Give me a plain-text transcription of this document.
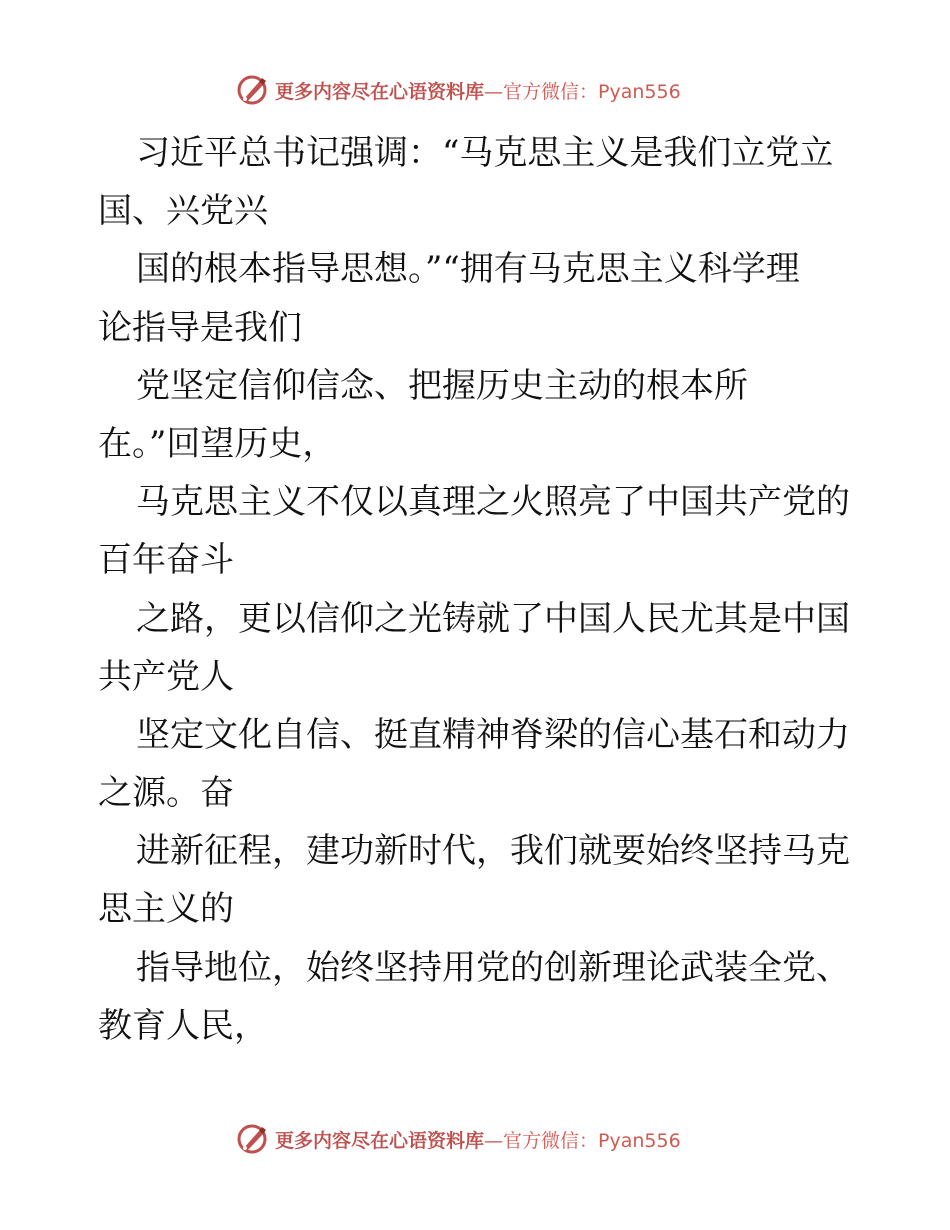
更多内容尽在心语资料库—官方微信：Pyan556
习近平总书记强调：“马克思主义是我们立党立
国、兴党兴
国的根本指导思想。”“拥有马克思主义科学理
论指导是我们
党坚定信仰信念、把握历史主动的根本所
在。”回望历史，
马克思主义不仅以真理之火照亮了中国共产党的
百年奋斗
之路，更以信仰之光铸就了中国人民尤其是中国
共产党人
坚定文化自信、挺直精神脊梁的信心基石和动力
之源。奋
进新征程，建功新时代，我们就要始终坚持马克
思主义的
指导地位，始终坚持用党的创新理论武装全党、
教育人民，
更多内容尽在心语资料库—官方微信：Pyan556
